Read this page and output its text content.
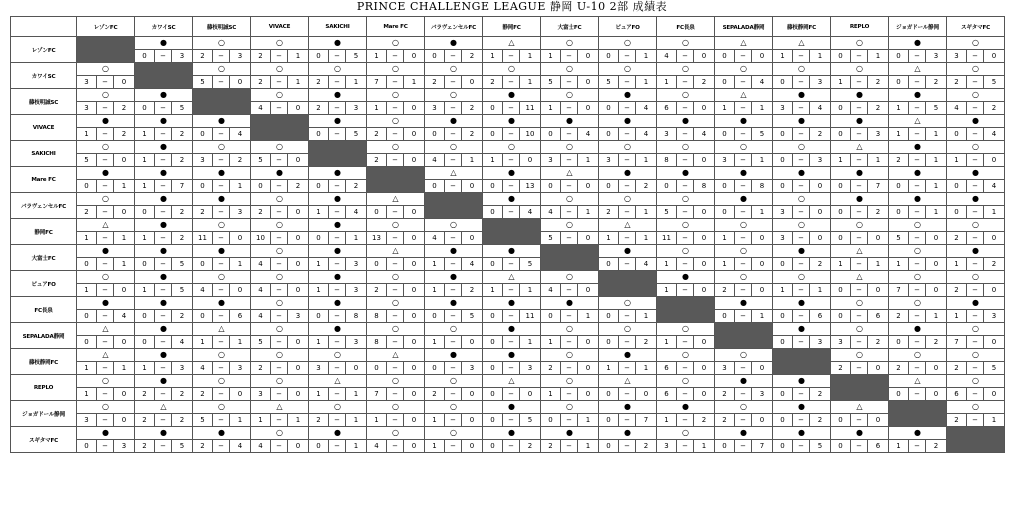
PRINCE CHALLENGE LEAGUE 静岡 U-10 2部 成績表
	レゾンFC			カワイSC			藤枝明誠SC			VIVACE			SAKICHI			Mare FC			パラヴェンセルFC			静岡FC			大富士FC			ピュアFO			FC長泉			SEPALADA静岡			藤枝静岡FC			REPLO			ジョガドール静岡			スギタマFC		
レゾンFC				●			○			○			●			○			●			△			○			○			○			△			△			○			●			○		
				0	−	3	2	−	3	2	−	1	0	−	5	1	−	0	0	−	2	1	−	1	1	−	0	0	−	1	4	−	0	0	−	0	1	−	1	0	−	1	0	−	3	3	−	0
カワイSC	○						○			○			○			○			○			○			○			○			○			○			○			○			△			○		
	3	−	0				5	−	0	2	−	1	2	−	1	7	−	1	2	−	0	2	−	1	5	−	0	5	−	1	1	−	2	0	−	4	0	−	3	1	−	2	0	−	2	2	−	5
藤枝明誠SC	○			●						○			●			○			○			●			○			●			○			△			●			●			●			○		
	3	−	2	0	−	5				4	−	0	2	−	3	1	−	0	3	−	2	0	−	11	1	−	0	0	−	4	6	−	0	1	−	1	3	−	4	0	−	2	1	−	5	4	−	2
VIVACE	●			●			●						●			○			●			●			●			●			●			●			●			●			△			●		
	1	−	2	1	−	2	0	−	4				0	−	5	2	−	0	0	−	2	0	−	10	0	−	4	0	−	4	3	−	4	0	−	5	0	−	2	0	−	3	1	−	1	0	−	4
SAKICHI	○			●			○			○						○			○			○			○			○			○			○			○			△			●			○		
	5	−	0	1	−	2	3	−	2	5	−	0				2	−	0	4	−	1	1	−	0	3	−	1	3	−	1	8	−	0	3	−	1	0	−	3	1	−	1	2	−	1	1	−	0
Mare FC	●			●			●			●			●						△			●			△			●			●			●			●			●			●			●		
	0	−	1	1	−	7	0	−	1	0	−	2	0	−	2				0	−	0	0	−	13	0	−	0	0	−	2	0	−	8	0	−	8	0	−	0	0	−	7	0	−	1	0	−	4
パラヴェンセルFC	○			●			●			○			●			△						●			○			○			○			●			○			●			●			●		
	2	−	0	0	−	2	2	−	3	2	−	0	1	−	4	0	−	0				0	−	4	4	−	1	2	−	1	5	−	0	0	−	1	3	−	0	0	−	2	0	−	1	0	−	1
静岡FC	△			●			○			○			●			○			○						○			△			○			○			○			○			○			○		
	1	−	1	1	−	2	11	−	0	10	−	0	0	−	1	13	−	0	4	−	0				5	−	0	1	−	1	11	−	0	1	−	0	3	−	0	0	−	0	5	−	0	2	−	0
大富士FC	●			●			●			○			●			△			●			●						●			○			○			●			△			○			●		
	0	−	1	0	−	5	0	−	1	4	−	0	1	−	3	0	−	0	1	−	4	0	−	5				0	−	4	1	−	0	1	−	0	0	−	2	1	−	1	1	−	0	1	−	2
ピュアFO	○			●			○			○			●			○			●			△			○						●			○			○			△			○			○		
	1	−	0	1	−	5	4	−	0	4	−	0	1	−	3	2	−	0	1	−	2	1	−	1	4	−	0				1	−	0	2	−	0	1	−	1	0	−	0	7	−	0	2	−	0
FC長泉	●			●			●			○			●			○			●			●			●			○						●			●			○			○			●		
	0	−	4	0	−	2	0	−	6	4	−	3	0	−	8	8	−	0	0	−	5	0	−	11	0	−	1	0	−	1				0	−	1	0	−	6	0	−	6	2	−	1	1	−	3
SEPALADA静岡	△			●			△			○			●			○			○			●			○			○			○						●			○			●			○		
	0	−	0	0	−	4	1	−	1	5	−	0	1	−	3	8	−	0	1	−	0	0	−	1	1	−	0	0	−	2	1	−	0				0	−	3	3	−	2	0	−	2	7	−	0
藤枝静岡FC	△			●			○			○			○			△			●			●			○			●			○			○						○			○			○		
	1	−	1	1	−	3	4	−	3	2	−	0	3	−	0	0	−	0	0	−	3	0	−	3	2	−	0	1	−	1	6	−	0	3	−	0				2	−	0	2	−	0	2	−	5
REPLO	○			●			○			○			△			○			○			△			○			△			○			●			●						△			○		
	1	−	0	2	−	2	2	−	0	3	−	0	1	−	1	7	−	0	2	−	0	0	−	0	1	−	0	0	−	0	6	−	0	2	−	3	0	−	2				0	−	0	6	−	0
ジョガドール静岡	○			△			○			△			○			○			○			●			○			●			●			○			●			△						○		
	3	−	0	2	−	2	5	−	1	1	−	1	2	−	1	1	−	0	1	−	0	0	−	5	0	−	1	0	−	7	1	−	2	2	−	0	0	−	2	0	−	0				2	−	1
スギタマFC	●			●			●			○			●			○			○			●			●			●			○			●			●			●			●					
	0	−	3	2	−	5	2	−	4	4	−	0	0	−	1	4	−	0	1	−	0	0	−	2	2	−	1	0	−	2	3	−	1	0	−	7	0	−	5	0	−	6	1	−	2			
